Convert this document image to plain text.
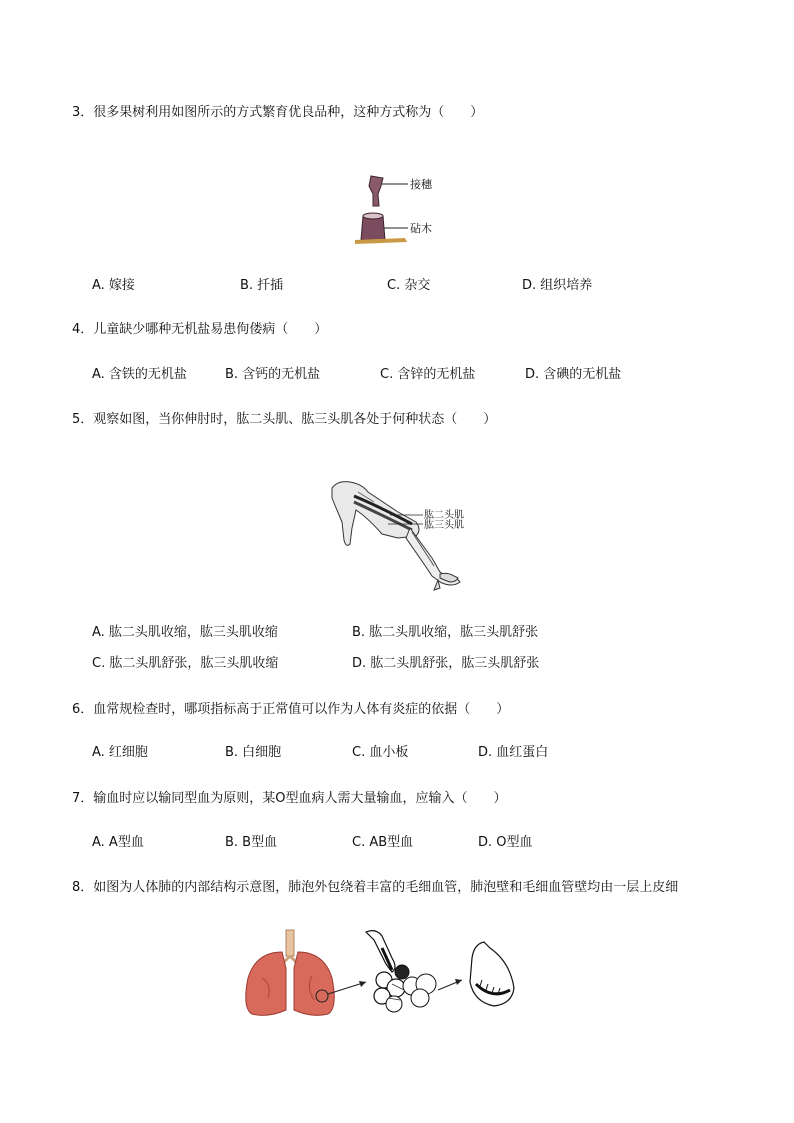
3．很多果树利用如图所示的方式繁育优良品种，这种方式称为（　　）
接穗
砧木
A. 嫁接	B. 扦插	C. 杂交	D. 组织培养
4．儿童缺少哪种无机盐易患佝偻病（　　）
A. 含铁的无机盐	B. 含钙的无机盐	C. 含锌的无机盐	D. 含碘的无机盐
5．观察如图，当你伸肘时，肱二头肌、肱三头肌各处于何种状态（　　）
肱二头肌
肱三头肌
A. 肱二头肌收缩，肱三头肌收缩	B. 肱二头肌收缩，肱三头肌舒张
C. 肱二头肌舒张，肱三头肌收缩	D. 肱二头肌舒张，肱三头肌舒张
6．血常规检查时，哪项指标高于正常值可以作为人体有炎症的依据（　　）
A. 红细胞	B. 白细胞	C. 血小板	D. 血红蛋白
7．输血时应以输同型血为原则，某O型血病人需大量输血，应输入（　　）
A. A型血	B. B型血	C. AB型血	D. O型血
8．如图为人体肺的内部结构示意图，肺泡外包绕着丰富的毛细血管，肺泡壁和毛细血管壁均由一层上皮细
